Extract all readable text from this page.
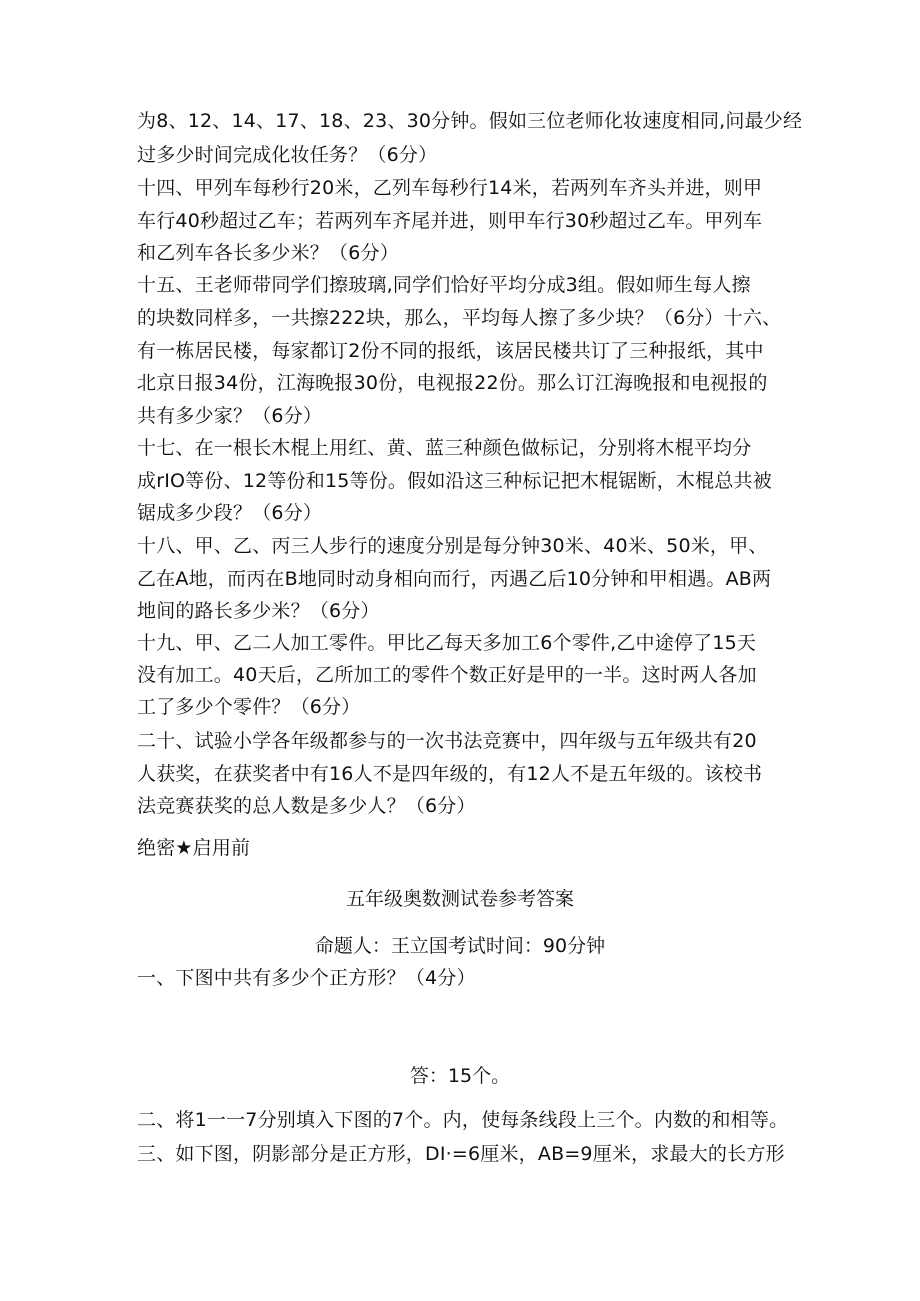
为8、12、14、17、18、23、30分钟。假如三位老师化妆速度相同,问最少经
过多少时间完成化妆任务？（6分）
十四、甲列车每秒行20米，乙列车每秒行14米，若两列车齐头并进，则甲
车行40秒超过乙车；若两列车齐尾并进，则甲车行30秒超过乙车。甲列车
和乙列车各长多少米？（6分）
十五、王老师带同学们擦玻璃,同学们恰好平均分成3组。假如师生每人擦
的块数同样多，一共擦222块，那么，平均每人擦了多少块？（6分）十六、
有一栋居民楼，每家都订2份不同的报纸，该居民楼共订了三种报纸，其中
北京日报34份，江海晚报30份，电视报22份。那么订江海晚报和电视报的
共有多少家？（6分）
十七、在一根长木棍上用红、黄、蓝三种颜色做标记，分别将木棍平均分
成rIO等份、12等份和15等份。假如沿这三种标记把木棍锯断，木棍总共被
锯成多少段？（6分）
十八、甲、乙、丙三人步行的速度分别是每分钟30米、40米、50米，甲、
乙在A地，而丙在B地同时动身相向而行，丙遇乙后10分钟和甲相遇。AB两
地间的路长多少米？（6分）
十九、甲、乙二人加工零件。甲比乙每天多加工6个零件,乙中途停了15天
没有加工。40天后，乙所加工的零件个数正好是甲的一半。这时两人各加
工了多少个零件？（6分）
二十、试验小学各年级都参与的一次书法竞赛中，四年级与五年级共有20
人获奖，在获奖者中有16人不是四年级的，有12人不是五年级的。该校书
法竞赛获奖的总人数是多少人？（6分）
绝密★启用前
五年级奥数测试卷参考答案
命题人：王立国考试时间：90分钟
一、下图中共有多少个正方形？（4分）
答：15个。
二、将1一一7分别填入下图的7个。内，使每条线段上三个。内数的和相等。
三、如下图，阴影部分是正方形，DI·=6厘米，AB=9厘米，求最大的长方形
